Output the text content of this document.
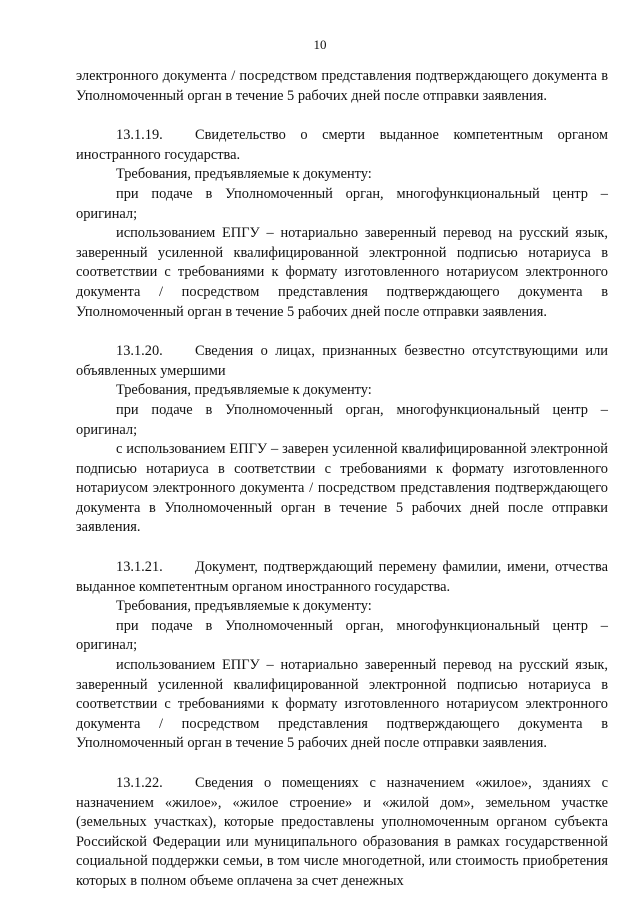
10

электронного документа / посредством представления подтверждающего документа в Уполномоченный орган в течение 5 рабочих дней после отправки заявления.

13.1.19. Свидетельство о смерти выданное компетентным органом иностранного государства.

Требования, предъявляемые к документу:

при подаче в Уполномоченный орган, многофункциональный центр – оригинал;

использованием ЕПГУ – нотариально заверенный перевод на русский язык, заверенный усиленной квалифицированной электронной подписью нотариуса в соответствии с требованиями к формату изготовленного нотариусом электронного документа / посредством представления подтверждающего документа в Уполномоченный орган в течение 5 рабочих дней после отправки заявления.

13.1.20. Сведения о лицах, признанных безвестно отсутствующими или объявленных умершими

Требования, предъявляемые к документу:

при подаче в Уполномоченный орган, многофункциональный центр – оригинал;

с использованием ЕПГУ – заверен усиленной квалифицированной электронной подписью нотариуса в соответствии с требованиями к формату изготовленного нотариусом электронного документа / посредством представления подтверждающего документа в Уполномоченный орган в течение 5 рабочих дней после отправки заявления.

13.1.21. Документ, подтверждающий перемену фамилии, имени, отчества выданное компетентным органом иностранного государства.

Требования, предъявляемые к документу:

при подаче в Уполномоченный орган, многофункциональный центр – оригинал;

использованием ЕПГУ – нотариально заверенный перевод на русский язык, заверенный усиленной квалифицированной электронной подписью нотариуса в соответствии с требованиями к формату изготовленного нотариусом электронного документа / посредством представления подтверждающего документа в Уполномоченный орган в течение 5 рабочих дней после отправки заявления.

13.1.22. Сведения о помещениях с назначением «жилое», зданиях с назначением «жилое», «жилое строение» и «жилой дом», земельном участке (земельных участках), которые предоставлены уполномоченным органом субъекта Российской Федерации или муниципального образования в рамках государственной социальной поддержки семьи, в том числе многодетной, или стоимость приобретения которых в полном объеме оплачена за счет денежных
